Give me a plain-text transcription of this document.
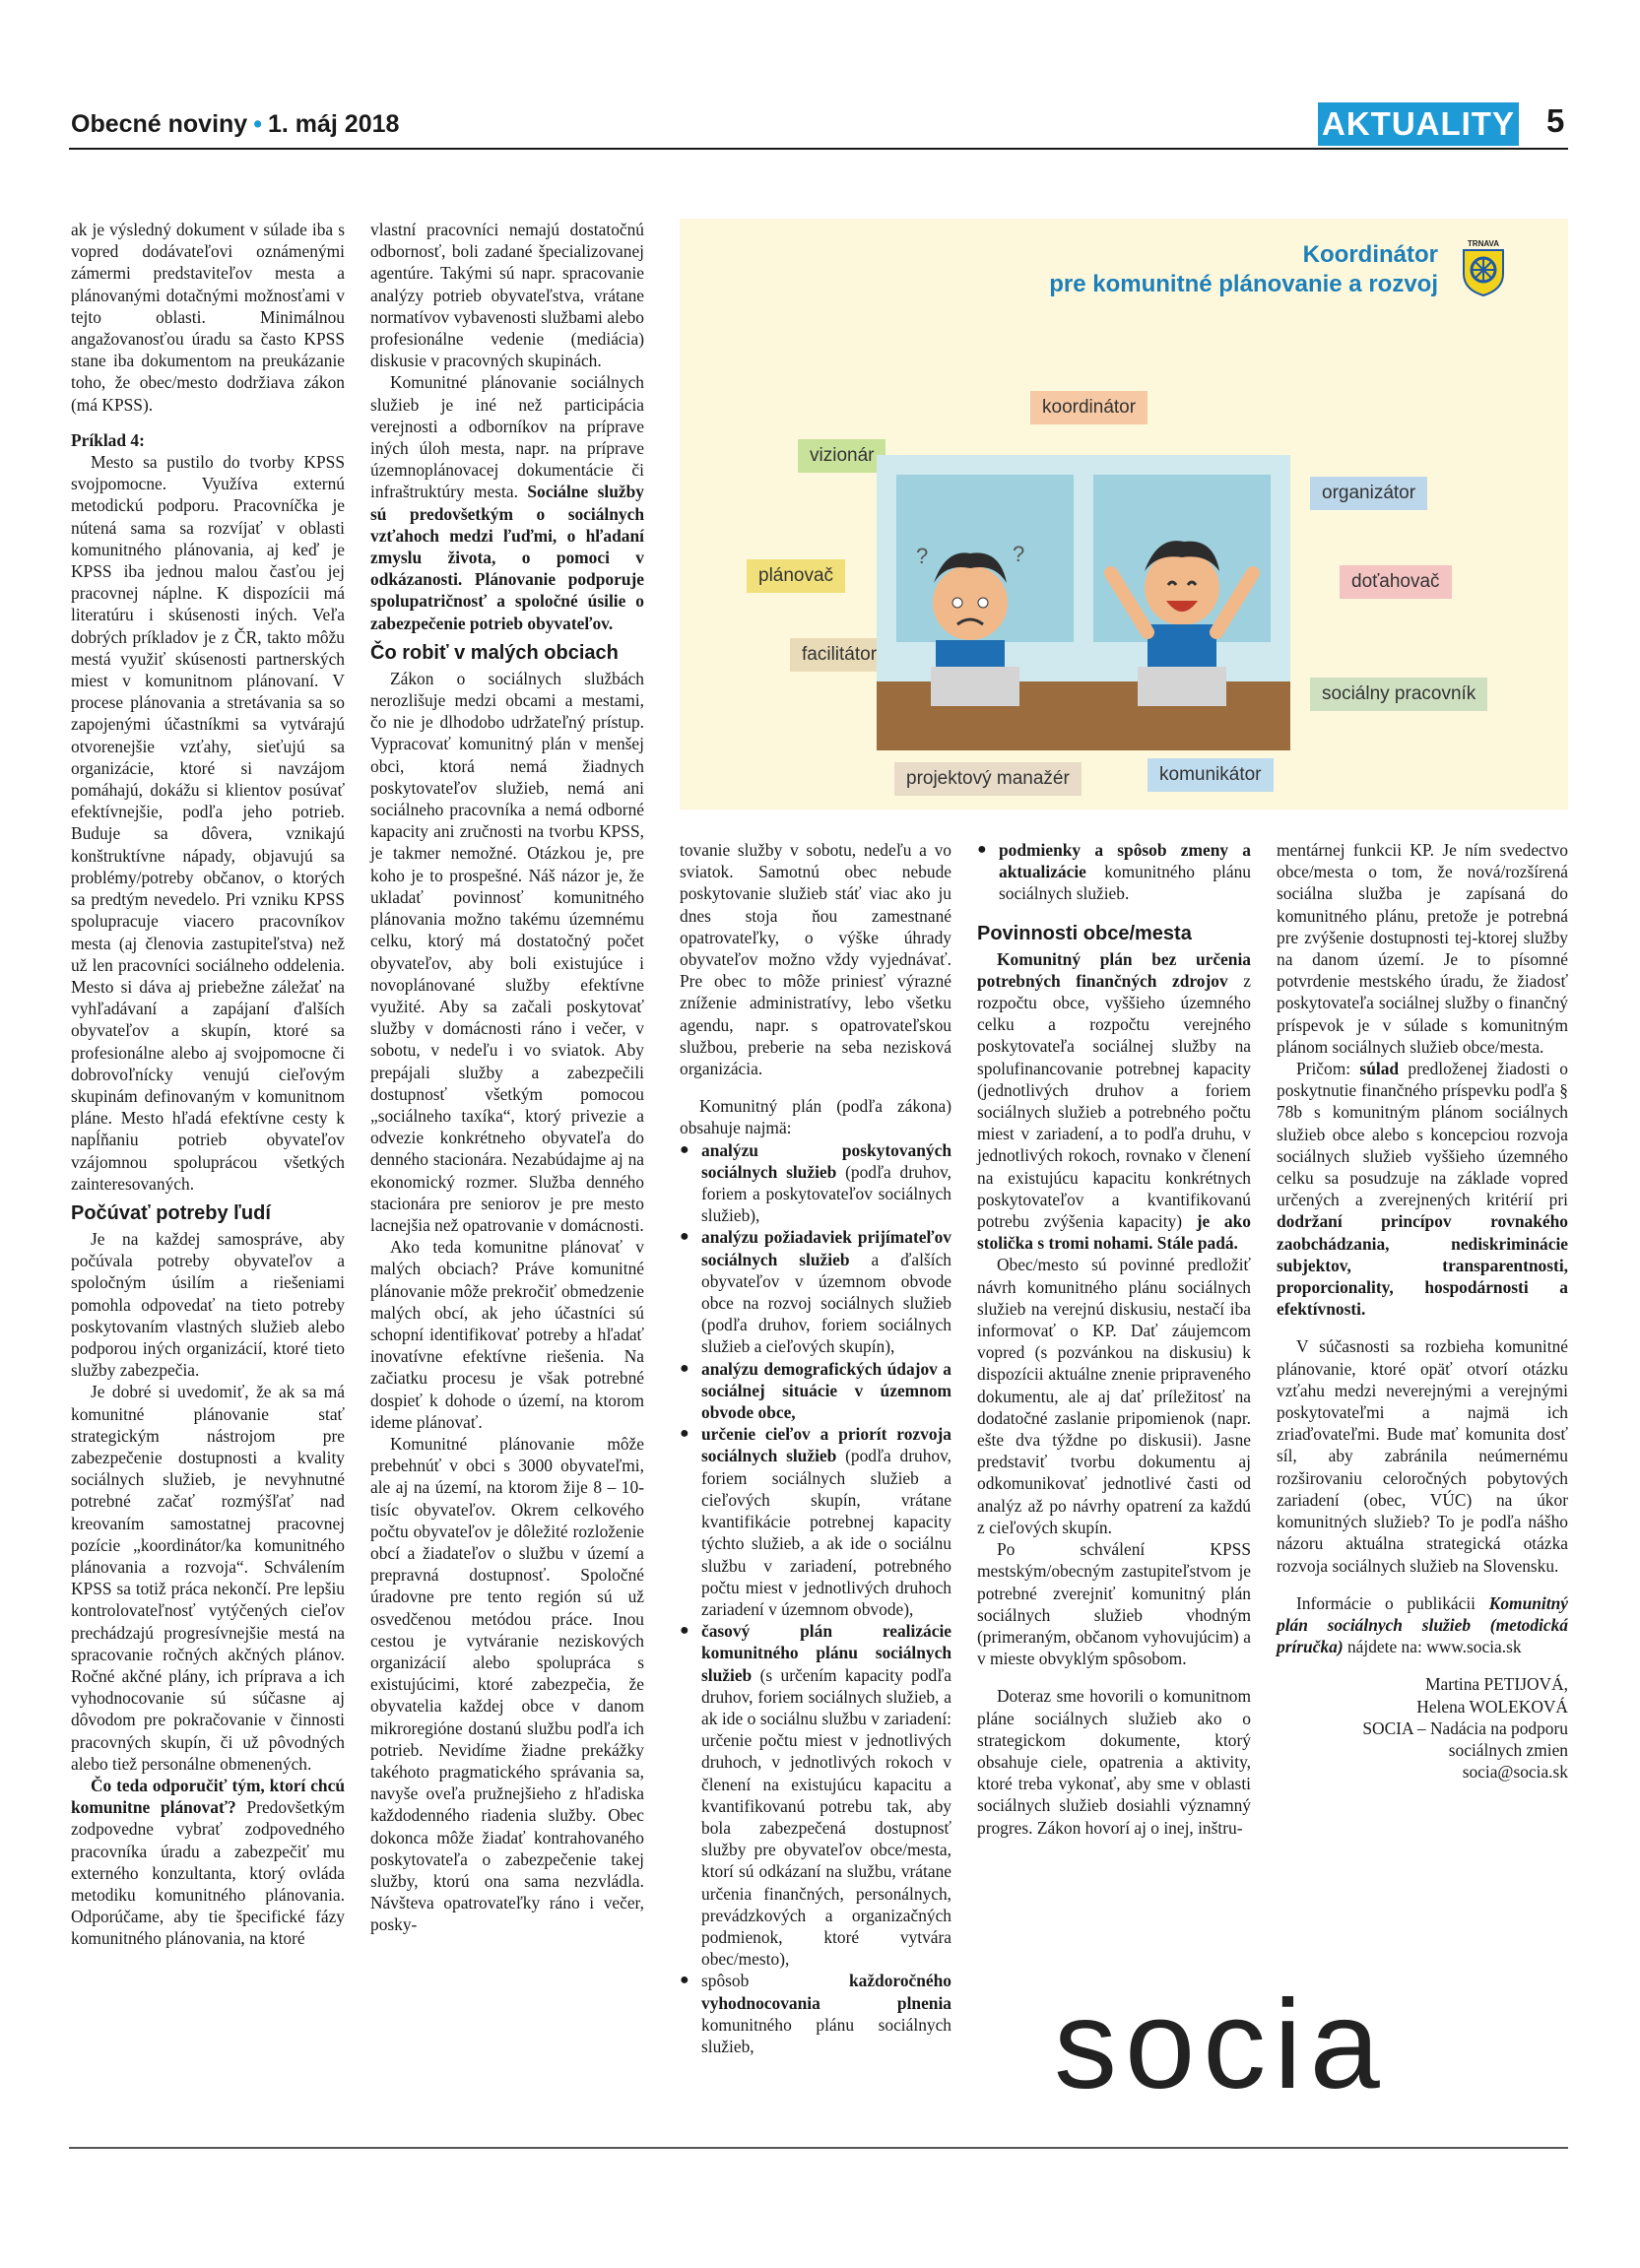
Obecné noviny • 1. máj 2018	AKTUALITY 5

ak je výsledný dokument v súlade iba s vopred dodávateľovi oznámenými zámermi predstaviteľov mesta a plánovanými dotačnými možnosťami v tejto oblasti. Minimálnou angažovanosťou úradu sa často KPSS stane iba dokumentom na preukázanie toho, že obec/mesto dodržiava zákon (má KPSS).

Príklad 4:

Mesto sa pustilo do tvorby KPSS svojpomocne. Využíva externú metodickú podporu. Pracovníčka je nútená sama sa rozvíjať v oblasti komunitného plánovania, aj keď je KPSS iba jednou malou časťou jej pracovnej náplne. K dispozícii má literatúru i skúsenosti iných. Veľa dobrých príkladov je z ČR, takto môžu mestá využiť skúsenosti partnerských miest v komunitnom plánovaní. V procese plánovania a stretávania sa so zapojenými účastníkmi sa vytvárajú otvorenejšie vzťahy, sieťujú sa organizácie, ktoré si navzájom pomáhajú, dokážu si klientov posúvať efektívnejšie, podľa jeho potrieb. Buduje sa dôvera, vznikajú konštruktívne nápady, objavujú sa problémy/potreby občanov, o ktorých sa predtým nevedelo. Pri vzniku KPSS spolupracuje viacero pracovníkov mesta (aj členovia zastupiteľstva) než už len pracovníci sociálneho oddelenia. Mesto si dáva aj priebežne záležať na vyhľadávaní a zapájaní ďalších obyvateľov a skupín, ktoré sa profesionálne alebo aj svojpomocne či dobrovoľnícky venujú cieľovým skupinám definovaným v komunitnom pláne. Mesto hľadá efektívne cesty k napĺňaniu potrieb obyvateľov vzájomnou spoluprácou všetkých zainteresovaných.

Počúvať potreby ľudí

Je na každej samospráve, aby počúvala potreby obyvateľov a spoločným úsilím a riešeniami pomohla odpovedať na tieto potreby poskytovaním vlastných služieb alebo podporou iných organizácií, ktoré tieto služby zabezpečia.

Je dobré si uvedomiť, že ak sa má komunitné plánovanie stať strategickým nástrojom pre zabezpečenie dostupnosti a kvality sociálnych služieb, je nevyhnutné potrebné začať rozmýšľať nad kreovaním samostatnej pracovnej pozície „koordinátor/ka komunitného plánovania a rozvoja“. Schválením KPSS sa totiž práca nekončí. Pre lepšiu kontrolovateľnosť vytýčených cieľov prechádzajú progresívnejšie mestá na spracovanie ročných akčných plánov. Ročné akčné plány, ich príprava a ich vyhodnocovanie sú súčasne aj dôvodom pre pokračovanie v činnosti pracovných skupín, či už pôvodných alebo tiež personálne obmenených.

Čo teda odporučiť tým, ktorí chcú komunitne plánovať? Predovšetkým zodpovedne vybrať zodpovedného pracovníka úradu a zabezpečiť mu externého konzultanta, ktorý ovláda metodiku komunitného plánovania. Odporúčame, aby tie špecifické fázy komunitného plánovania, na ktoré

vlastní pracovníci nemajú dostatočnú odbornosť, boli zadané špecializovanej agentúre. Takými sú napr. spracovanie analýzy potrieb obyvateľstva, vrátane normatívov vybavenosti službami alebo profesionálne vedenie (mediácia) diskusie v pracovných skupinách.

Komunitné plánovanie sociálnych služieb je iné než participácia verejnosti a odborníkov na príprave iných úloh mesta, napr. na príprave územnoplánovacej dokumentácie či infraštruktúry mesta. Sociálne služby sú predovšetkým o sociálnych vzťahoch medzi ľuďmi, o hľadaní zmyslu života, o pomoci v odkázanosti. Plánovanie podporuje spolupatričnosť a spoločné úsilie o zabezpečenie potrieb obyvateľov.

Čo robiť v malých obciach

Zákon o sociálnych službách nerozlišuje medzi obcami a mestami, čo nie je dlhodobo udržateľný prístup. Vypracovať komunitný plán v menšej obci, ktorá nemá žiadnych poskytovateľov služieb, nemá ani sociálneho pracovníka a nemá odborné kapacity ani zručnosti na tvorbu KPSS, je takmer nemožné. Otázkou je, pre koho je to prospešné. Náš názor je, že ukladať povinnosť komunitného plánovania možno takému územnému celku, ktorý má dostatočný počet obyvateľov, aby boli existujúce i novoplánované služby efektívne využité. Aby sa začali poskytovať služby v domácnosti ráno i večer, v sobotu, v nedeľu i vo sviatok. Aby prepájali služby a zabezpečili dostupnosť všetkým pomocou „sociálneho taxíka“, ktorý privezie a odvezie konkrétneho obyvateľa do denného stacionára. Nezabúdajme aj na ekonomický rozmer. Služba denného stacionára pre seniorov je pre mesto lacnejšia než opatrovanie v domácnosti.

Ako teda komunitne plánovať v malých obciach? Práve komunitné plánovanie môže prekročiť obmedzenie malých obcí, ak jeho účastníci sú schopní identifikovať potreby a hľadať inovatívne efektívne riešenia. Na začiatku procesu je však potrebné dospieť k dohode o území, na ktorom ideme plánovať.

Komunitné plánovanie môže prebehnúť v obci s 3000 obyvateľmi, ale aj na území, na ktorom žije 8 – 10-tisíc obyvateľov. Okrem celkového počtu obyvateľov je dôležité rozloženie obcí a žiadateľov o službu v území a prepravná dostupnosť. Spoločné úradovne pre tento región sú už osvedčenou metódou práce. Inou cestou je vytváranie neziskových organizácií alebo spolupráca s existujúcimi, ktoré zabezpečia, že obyvatelia každej obce v danom mikroregióne dostanú službu podľa ich potrieb. Nevidíme žiadne prekážky takéhoto pragmatického správania sa, navyše oveľa pružnejšieho z hľadiska každodenného riadenia služby. Obec dokonca môže žiadať kontrahovaného poskytovateľa o zabezpečenie takej služby, ktorú ona sama nezvládla. Návšteva opatrovateľky ráno i večer, posky-

Koordinátor
pre komunitné plánovanie a rozvoj
TRNAVA
koordinátor
vizionár
organizátor
plánovač	doťahovač
facilitátor
sociálny pracovník
projektový manažér	komunikátor
?	?

tovanie služby v sobotu, nedeľu a vo sviatok. Samotnú obec nebude poskytovanie služieb stáť viac ako ju dnes stoja ňou zamestnané opatrovateľky, o výške úhrady obyvateľov možno vždy vyjednávať. Pre obec to môže priniesť výrazné zníženie administratívy, lebo všetku agendu, napr. s opatrovateľskou službou, preberie na seba nezisková organizácia.

Komunitný plán (podľa zákona) obsahuje najmä:

● analýzu poskytovaných sociálnych služieb (podľa druhov, foriem a poskytovateľov sociálnych služieb),
● analýzu požiadaviek prijímateľov sociálnych služieb a ďalších obyvateľov v územnom obvode obce na rozvoj sociálnych služieb (podľa druhov, foriem sociálnych služieb a cieľových skupín),
● analýzu demografických údajov a sociálnej situácie v územnom obvode obce,
● určenie cieľov a priorít rozvoja sociálnych služieb (podľa druhov, foriem sociálnych služieb a cieľových skupín, vrátane kvantifikácie potrebnej kapacity týchto služieb, a ak ide o sociálnu službu v zariadení, potrebného počtu miest v jednotlivých druhoch zariadení v územnom obvode),
● časový plán realizácie komunitného plánu sociálnych služieb (s určením kapacity podľa druhov, foriem sociálnych služieb, a ak ide o sociálnu službu v zariadení: určenie počtu miest v jednotlivých druhoch, v jednotlivých rokoch v členení na existujúcu kapacitu a kvantifikovanú potrebu tak, aby bola zabezpečená dostupnosť služby pre obyvateľov obce/mesta, ktorí sú odkázaní na službu, vrátane určenia finančných, personálnych, prevádzkových a organizačných podmienok, ktoré vytvára obec/mesto),
● spôsob každoročného vyhodnocovania plnenia komunitného plánu sociálnych služieb,
● podmienky a spôsob zmeny a aktualizácie komunitného plánu sociálnych služieb.
Povinnosti obce/mesta

Komunitný plán bez určenia potrebných finančných zdrojov z rozpočtu obce, vyššieho územného celku a rozpočtu verejného poskytovateľa sociálnej služby na spolufinancovanie potrebnej kapacity (jednotlivých druhov a foriem sociálnych služieb a potrebného počtu miest v zariadení, a to podľa druhu, v jednotlivých rokoch, rovnako v členení na existujúcu kapacitu konkrétnych poskytovateľov a kvantifikovanú potrebu zvýšenia kapacity) je ako stolička s tromi nohami. Stále padá.

Obec/mesto sú povinné predložiť návrh komunitného plánu sociálnych služieb na verejnú diskusiu, nestačí iba informovať o KP. Dať záujemcom vopred (s pozvánkou na diskusiu) k dispozícii aktuálne znenie pripraveného dokumentu, ale aj dať príležitosť na dodatočné zaslanie pripomienok (napr. ešte dva týždne po diskusii). Jasne predstaviť tvorbu dokumentu aj odkomunikovať jednotlivé časti od analýz až po návrhy opatrení za každú z cieľových skupín.

Po schválení KPSS mestským/obecným zastupiteľstvom je potrebné zverejniť komunitný plán sociálnych služieb vhodným (primeraným, občanom vyhovujúcim) a v mieste obvyklým spôsobom.

Doteraz sme hovorili o komunitnom pláne sociálnych služieb ako o strategickom dokumente, ktorý obsahuje ciele, opatrenia a aktivity, ktoré treba vykonať, aby sme v oblasti sociálnych služieb dosiahli významný progres. Zákon hovorí aj o inej, inštru-

mentárnej funkcii KP. Je ním svedectvo obce/mesta o tom, že nová/rozšírená sociálna služba je zapísaná do komunitného plánu, pretože je potrebná pre zvýšenie dostupnosti tej-ktorej služby na danom území. Je to písomné potvrdenie mestského úradu, že žiadosť poskytovateľa sociálnej služby o finančný príspevok je v súlade s komunitným plánom sociálnych služieb obce/mesta.

Pričom: súlad predloženej žiadosti o poskytnutie finančného príspevku podľa § 78b s komunitným plánom sociálnych služieb obce alebo s koncepciou rozvoja sociálnych služieb vyššieho územného celku sa posudzuje na základe vopred určených a zverejnených kritérií pri dodržaní princípov rovnakého zaobchádzania, nediskriminácie subjektov, transparentnosti, proporcionality, hospodárnosti a efektívnosti.

V súčasnosti sa rozbieha komunitné plánovanie, ktoré opäť otvorí otázku vzťahu medzi neverejnými a verejnými poskytovateľmi a najmä ich zriaďovateľmi. Bude mať komunita dosť síl, aby zabránila neúmernému rozširovaniu celoročných pobytových zariadení (obec, VÚC) na úkor komunitných služieb? To je podľa nášho názoru aktuálna strategická otázka rozvoja sociálnych služieb na Slovensku.

Informácie o publikácii Komunitný plán sociálnych služieb (metodická príručka) nájdete na: www.socia.sk

Martina PETIJOVÁ,
Helena WOLEKOVÁ
SOCIA – Nadácia na podporu
sociálnych zmien
socia@socia.sk
socia
